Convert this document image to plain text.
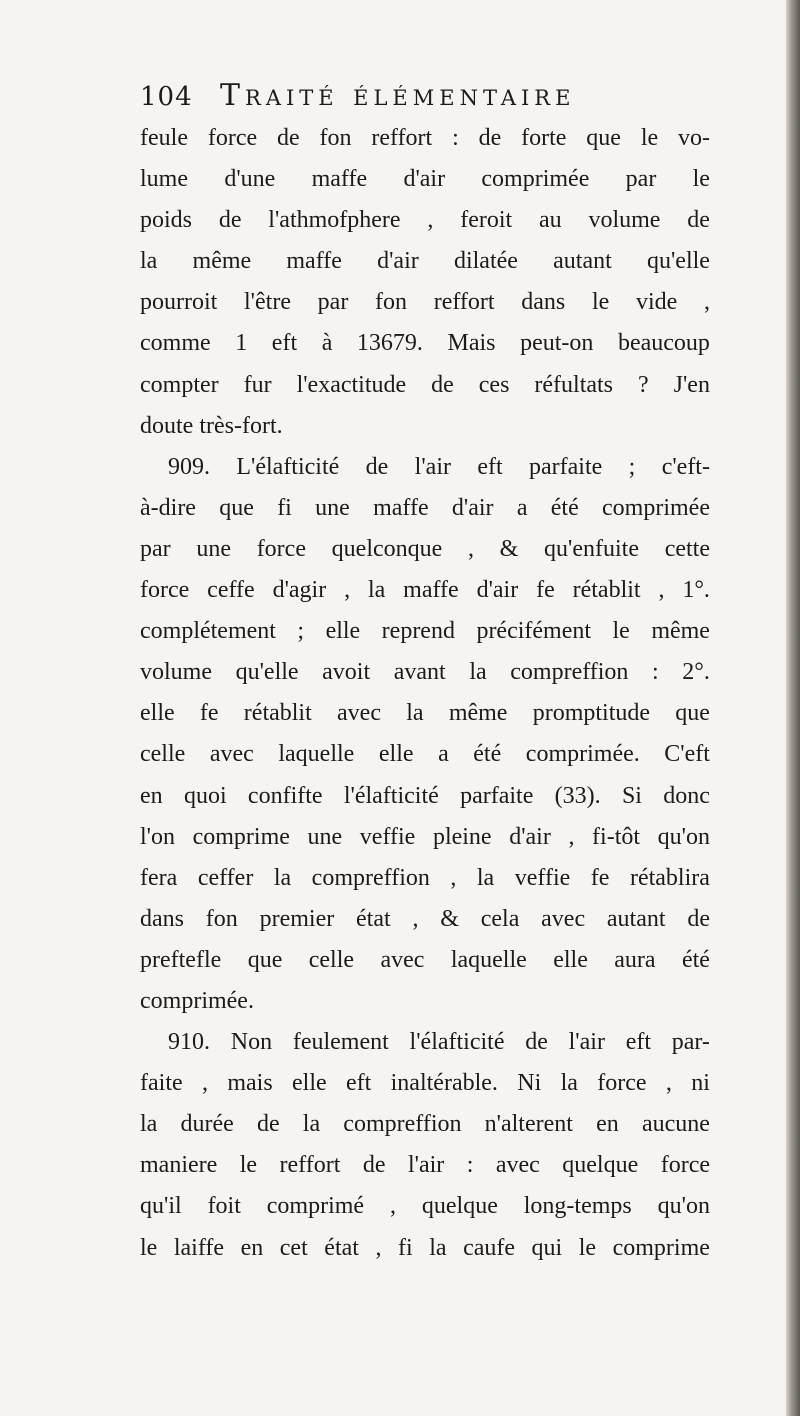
104 Traité élémentaire
feule force de fon reffort : de forte que le vo-
lume d'une maffe d'air comprimée par le
poids de l'athmofphere , feroit au volume de
la même maffe d'air dilatée autant qu'elle
pourroit l'être par fon reffort dans le vide ,
comme 1 eft à 13679. Mais peut-on beaucoup
compter fur l'exactitude de ces réfultats ? J'en
doute très-fort.
909. L'élafticité de l'air eft parfaite ; c'eft-
à-dire que fi une maffe d'air a été comprimée
par une force quelconque , & qu'enfuite cette
force ceffe d'agir , la maffe d'air fe rétablit , 1°.
complétement ; elle reprend précifément le même
volume qu'elle avoit avant la compreffion : 2°.
elle fe rétablit avec la même promptitude que
celle avec laquelle elle a été comprimée. C'eft
en quoi confifte l'élafticité parfaite (33). Si donc
l'on comprime une veffie pleine d'air , fi-tôt qu'on
fera ceffer la compreffion , la veffie fe rétablira
dans fon premier état , & cela avec autant de
preftefle que celle avec laquelle elle aura été
comprimée.
910. Non feulement l'élafticité de l'air eft par-
faite , mais elle eft inaltérable. Ni la force , ni
la durée de la compreffion n'alterent en aucune
maniere le reffort de l'air : avec quelque force
qu'il foit comprimé , quelque long-temps qu'on
le laiffe en cet état , fi la caufe qui le comprime
